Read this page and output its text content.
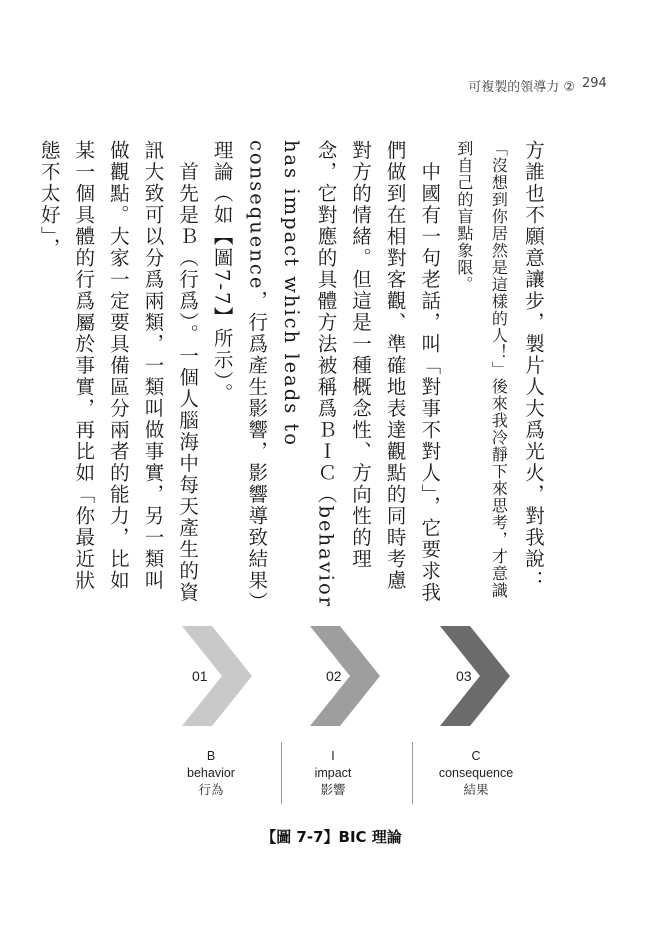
可複製的領導力 ② 294

方誰也不願意讓步，製片人大爲光火，對我說：

「沒想到你居然是這樣的人！」後來我冷靜下來思考，才意識到自己的盲點象限。

　中國有一句老話，叫「對事不對人」，它要求我們做到在相對客觀、準確地表達觀點的同時考慮對方的情緒。但這是一種概念性、方向性的理念，它對應的具體方法被稱爲ＢＩＣ（behavior has impact which leads to consequence，行爲產生影響，影響導致結果）理論（如【圖7-7】所示）。

　首先是Ｂ（行爲）。一個人腦海中每天產生的資訊大致可以分爲兩類，一類叫做事實，另一類叫做觀點。大家一定要具備區分兩者的能力，比如某一個具體的行爲屬於事實，再比如「你最近狀態不太好」，

01	02	03
B
behavior
行為
I
impact
影響
C
consequence
結果
【圖 7-7】BIC 理論
